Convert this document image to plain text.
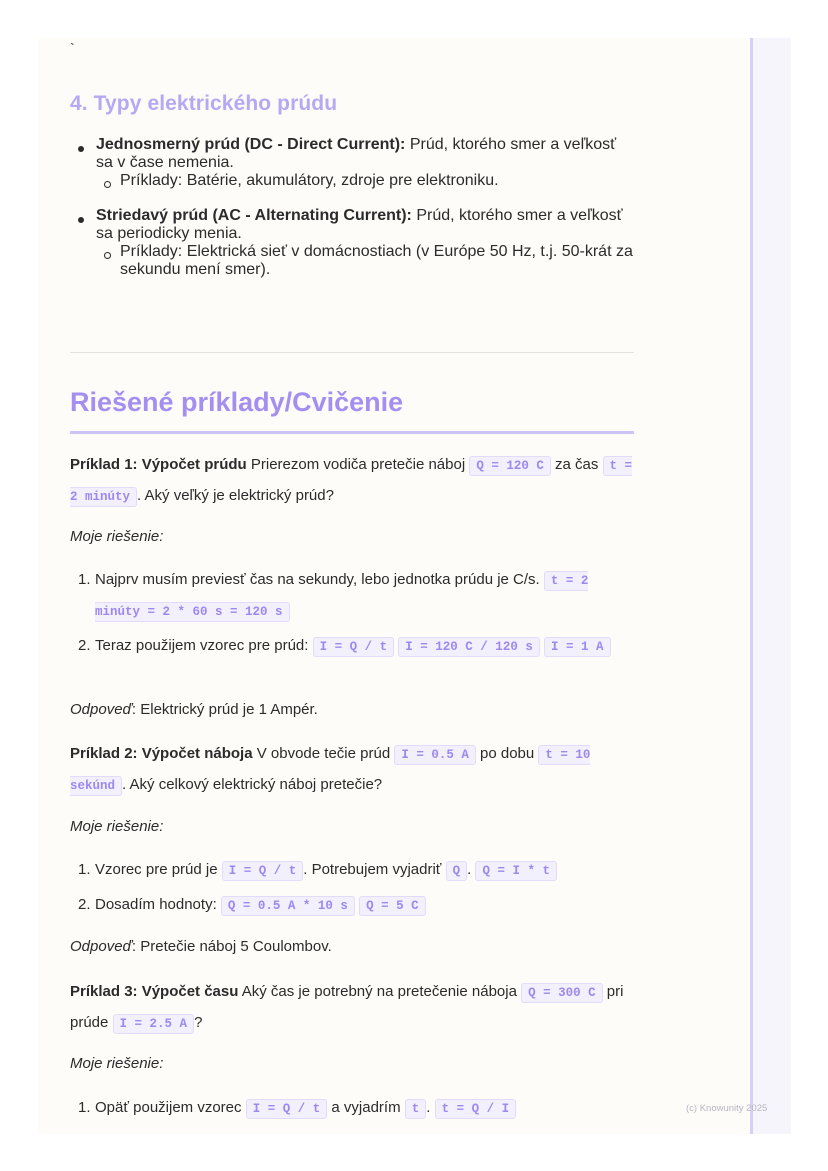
`
4. Typy elektrického prúdu
Jednosmerný prúd (DC - Direct Current): Prúd, ktorého smer a veľkosť sa v čase nemenia.
Príklady: Batérie, akumulátory, zdroje pre elektroniku.
Striedavý prúd (AC - Alternating Current): Prúd, ktorého smer a veľkosť sa periodicky menia.
Príklady: Elektrická sieť v domácnostiach (v Európe 50 Hz, t.j. 50-krát za sekundu mení smer).
Riešené príklady/Cvičenie
Príklad 1: Výpočet prúdu Prierezom vodiča pretečie náboj Q = 120 C za čas t = 2 minúty . Aký veľký je elektrický prúd?
Moje riešenie:
1. Najprv musím previesť čas na sekundy, lebo jednotka prúdu je C/s. t = 2 minúty = 2 * 60 s = 120 s
2. Teraz použijem vzorec pre prúd: I = Q / t I = 120 C / 120 s I = 1 A
Odpoveď: Elektrický prúd je 1 Ampér.
Príklad 2: Výpočet náboja V obvode tečie prúd I = 0.5 A po dobu t = 10 sekúnd . Aký celkový elektrický náboj pretečie?
Moje riešenie:
1. Vzorec pre prúd je I = Q / t . Potrebujem vyjadriť Q . Q = I * t
2. Dosadím hodnoty: Q = 0.5 A * 10 s Q = 5 C
Odpoveď: Pretečie náboj 5 Coulombov.
Príklad 3: Výpočet času Aký čas je potrebný na pretečenie náboja Q = 300 C pri prúde I = 2.5 A ?
Moje riešenie:
1. Opäť použijem vzorec I = Q / t a vyjadrím t . t = Q / I	(c) Knowunity 2025
